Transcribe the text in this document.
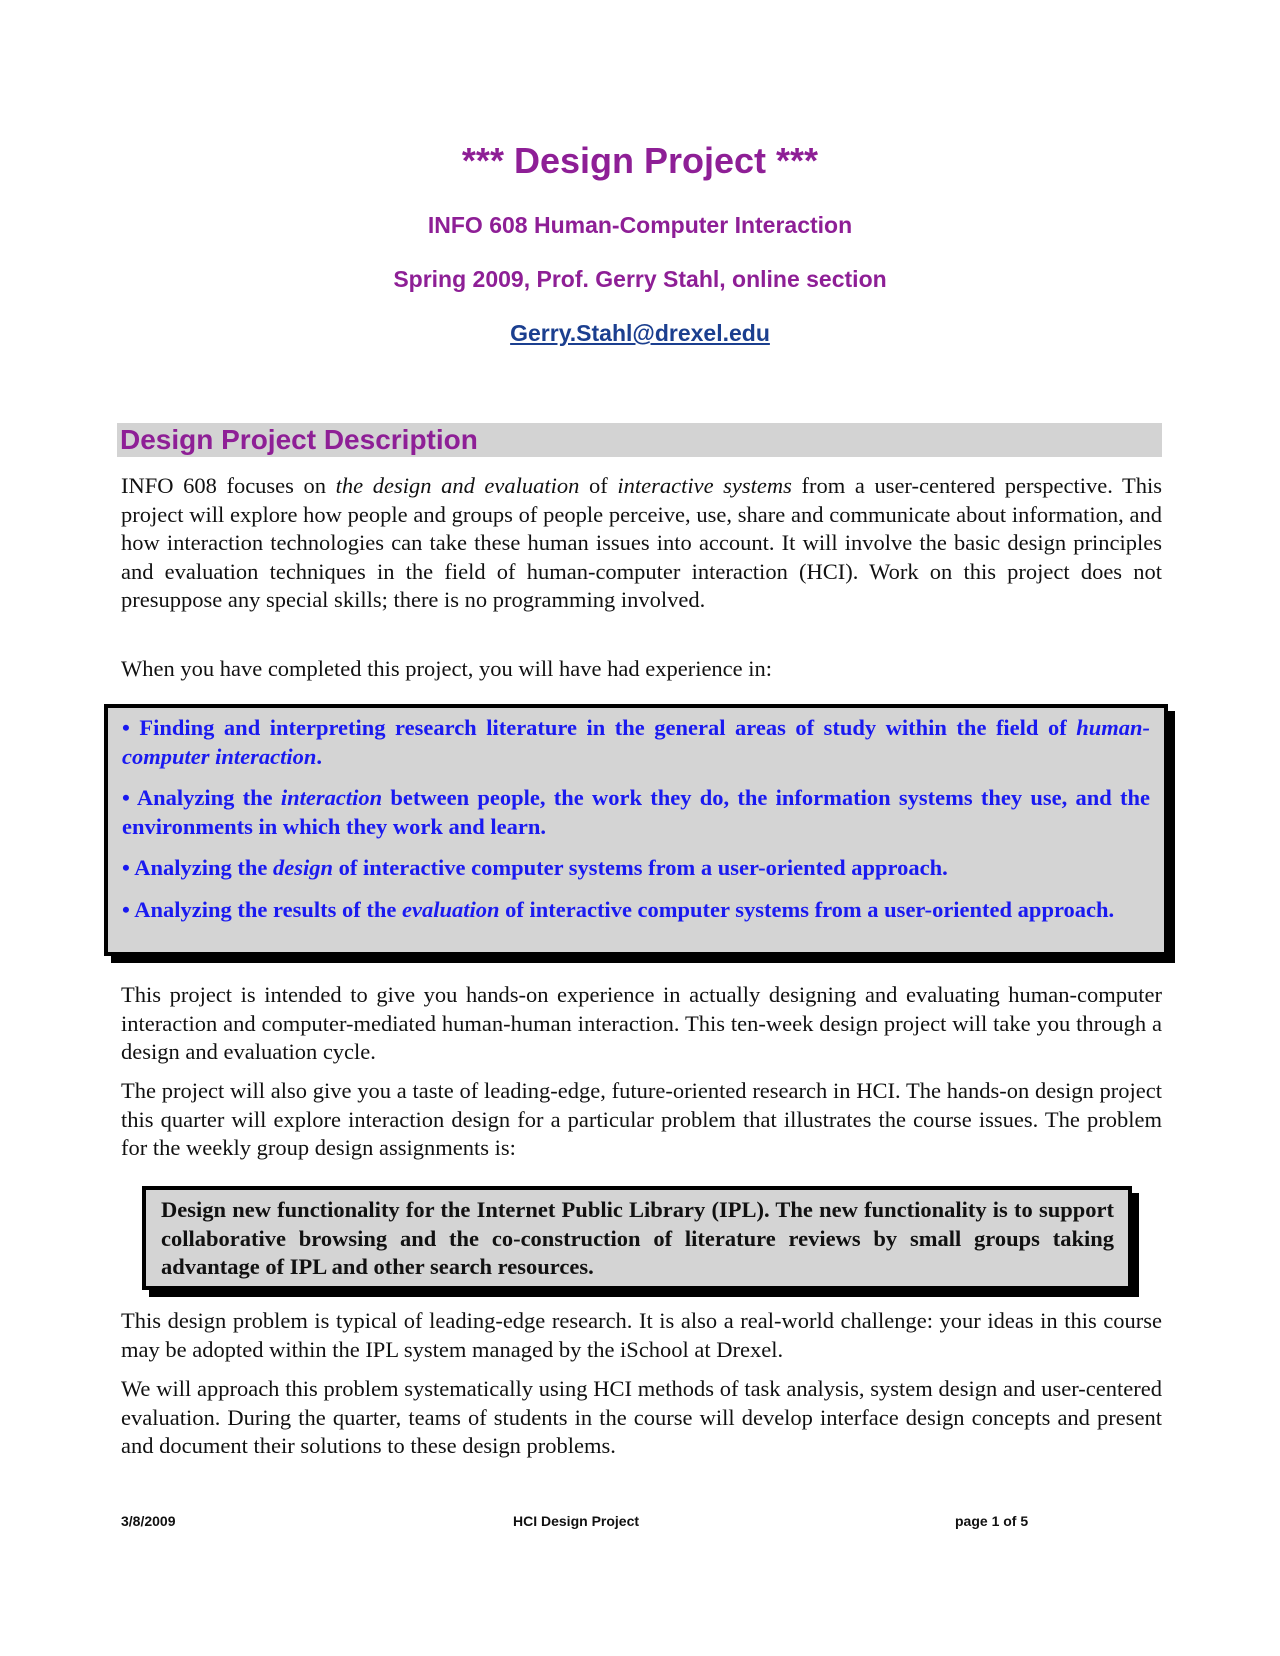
*** Design Project ***
INFO 608 Human-Computer Interaction
Spring 2009, Prof. Gerry Stahl, online section
Gerry.Stahl@drexel.edu
Design Project Description

INFO 608 focuses on the design and evaluation of interactive systems from a user-centered perspective. This project will explore how people and groups of people perceive, use, share and communicate about information, and how interaction technologies can take these human issues into account. It will involve the basic design principles and evaluation techniques in the field of human-computer interaction (HCI). Work on this project does not presuppose any special skills; there is no programming involved.

When you have completed this project, you will have had experience in:

• Finding and interpreting research literature in the general areas of study within the field of human-computer interaction.

• Analyzing the interaction between people, the work they do, the information systems they use, and the environments in which they work and learn.

• Analyzing the design of interactive computer systems from a user-oriented approach.

• Analyzing the results of the evaluation of interactive computer systems from a user-oriented approach.

This project is intended to give you hands-on experience in actually designing and evaluating human-computer interaction and computer-mediated human-human interaction. This ten-week design project will take you through a design and evaluation cycle.

The project will also give you a taste of leading-edge, future-oriented research in HCI. The hands-on design project this quarter will explore interaction design for a particular problem that illustrates the course issues. The problem for the weekly group design assignments is:

Design new functionality for the Internet Public Library (IPL). The new functionality is to support collaborative browsing and the co-construction of literature reviews by small groups taking advantage of IPL and other search resources.

This design problem is typical of leading-edge research. It is also a real-world challenge: your ideas in this course may be adopted within the IPL system managed by the iSchool at Drexel.

We will approach this problem systematically using HCI methods of task analysis, system design and user-centered evaluation. During the quarter, teams of students in the course will develop interface design concepts and present and document their solutions to these design problems.

3/8/2009	HCI Design Project	page 1 of 5
